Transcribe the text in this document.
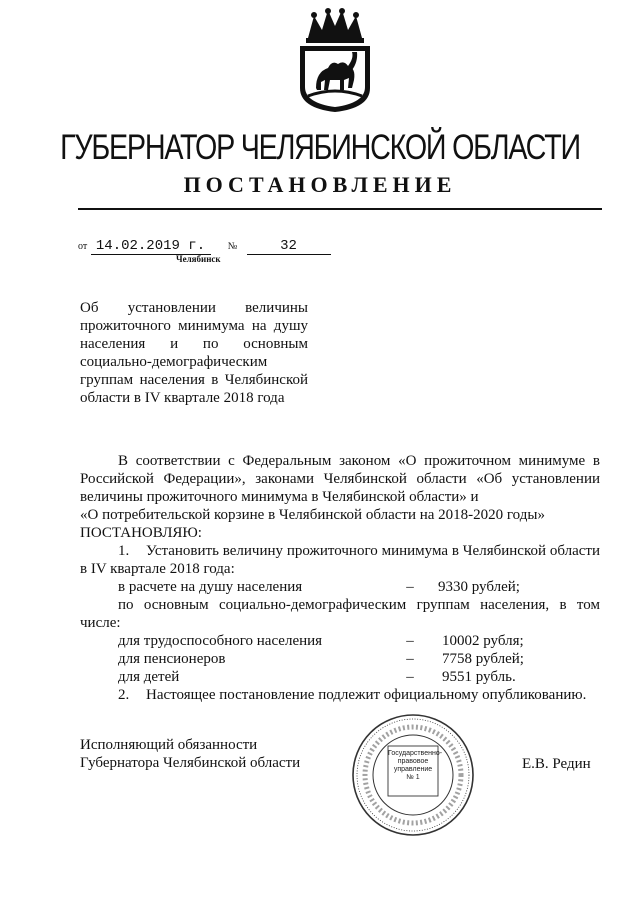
ГУБЕРНАТОР ЧЕЛЯБИНСКОЙ ОБЛАСТИ
ПОСТАНОВЛЕНИЕ
от 14.02.2019 г. №	32
Челябинск
Об установлении величины прожиточного минимума на душу населения и по основным социально-демографическим группам населения в Челябинской области в IV квартале 2018 года

В соответствии с Федеральным законом «О прожиточном минимуме в Российской Федерации», законами Челябинской области «Об установлении величины прожиточного минимума в Челябинской области» и

«О потребительской корзине в Челябинской области на 2018-2020 годы»

ПОСТАНОВЛЯЮ:

1.	Установить величину прожиточного минимума в Челябинской области в IV квартале 2018 года:

в расчете на душу населения	–	9330 рублей;

по основным социально-демографическим группам населения, в том числе:

для трудоспособного населения	–	10002 рубля;
для пенсионеров	–	7758 рублей;
для детей	–	9551 рубль.
2. Настоящее постановление подлежит официальному опубликованию.
Исполняющий обязанности
Губернатора Челябинской области
Государственно-
правовое
управление
№ 1
Е.В. Редин
